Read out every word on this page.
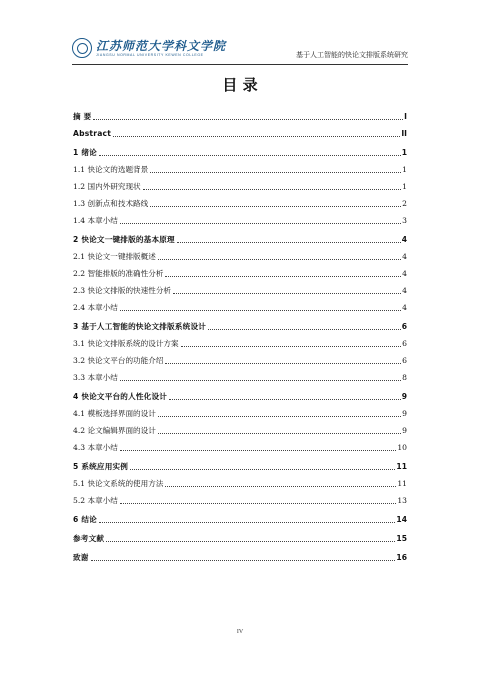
江苏师范大学科文学院
JIANGSU NORMAL UNIVERSITY KEWEN COLLEGE	基于人工智能的快论文排版系统研究
目 录
摘 要	I
Abstract	II
1 绪论	1
1.1 快论文的选题背景	1
1.2 国内外研究现状	1
1.3 创新点和技术路线	2
1.4 本章小结	3
2 快论文一键排版的基本原理	4
2.1 快论文一键排版概述	4
2.2 智能排版的准确性分析	4
2.3 快论文排版的快速性分析	4
2.4 本章小结	4
3 基于人工智能的快论文排版系统设计	6
3.1 快论文排版系统的设计方案	6
3.2 快论文平台的功能介绍	6
3.3 本章小结	8
4 快论文平台的人性化设计	9
4.1 模板选择界面的设计	9
4.2 论文编辑界面的设计	9
4.3 本章小结	10
5 系统应用实例	11
5.1 快论文系统的使用方法	11
5.2 本章小结	13
6 结论	14
参考文献	15
致谢	16
IV
